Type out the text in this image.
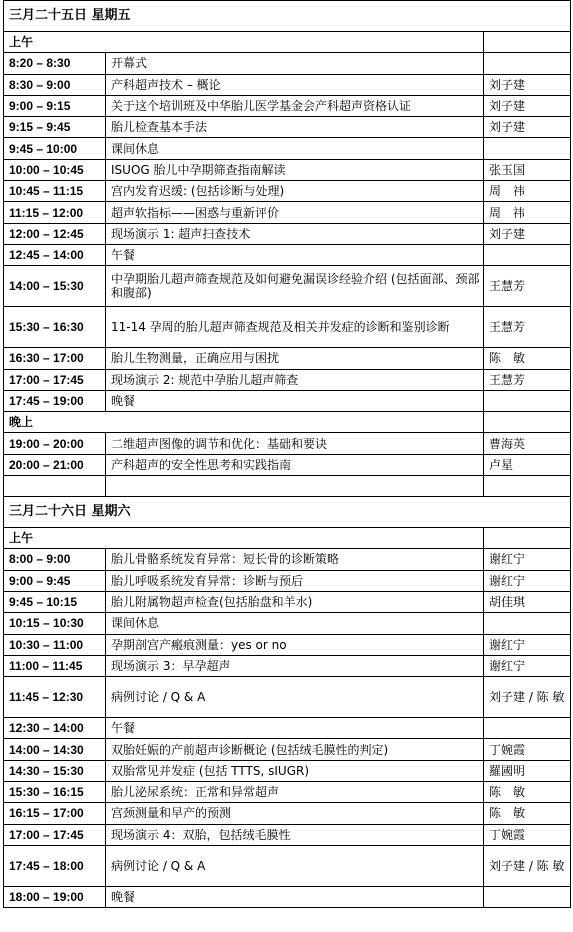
三月二十五日 星期五		
上午		
8:20 – 8:30	开幕式	
8:30 – 9:00	产科超声技术 – 概论	刘子建
9:00 – 9:15	关于这个培训班及中华胎儿医学基金会产科超声资格认证	刘子建
9:15 – 9:45	胎儿检查基本手法	刘子建
9:45 – 10:00	课间休息	
10:00 – 10:45	ISUOG 胎儿中孕期筛查指南解读	张玉国
10:45 – 11:15	宫内发育迟缓: (包括诊断与处理)	周　祎
11:15 – 12:00	超声软指标——困惑与重新评价	周　祎
12:00 – 12:45	现场演示 1: 超声扫查技术	刘子建
12:45 – 14:00	午餐	
14:00 – 15:30	中孕期胎儿超声筛查规范及如何避免漏误诊经验介绍 (包括面部、颈部和腹部)	王慧芳
15:30 – 16:30	11-14 孕周的胎儿超声筛查规范及相关并发症的诊断和鉴别诊断	王慧芳
16:30 – 17:00	胎儿生物测量，正确应用与困扰	陈　敏
17:00 – 17:45	现场演示 2: 规范中孕胎儿超声筛查	王慧芳
17:45 – 19:00	晚餐	
晚上		
19:00 – 20:00	二维超声图像的调节和优化：基础和要诀	曹海英
20:00 – 21:00	产科超声的安全性思考和实践指南	卢星

三月二十六日 星期六		
上午		
8:00 – 9:00	胎儿骨骼系统发育异常：短长骨的诊断策略	谢红宁
9:00 – 9:45	胎儿呼吸系统发育异常：诊断与预后	谢红宁
9:45 – 10:15	胎儿附属物超声检查(包括胎盘和羊水)	胡佳琪
10:15 – 10:30	课间休息	
10:30 – 11:00	孕期剖宫产瘢痕测量：yes or no	谢红宁
11:00 – 11:45	现场演示 3：早孕超声	谢红宁
11:45 – 12:30	病例讨论 / Q & A	刘子建 / 陈 敏
12:30 – 14:00	午餐	
14:00 – 14:30	双胎妊娠的产前超声诊断概论 (包括绒毛膜性的判定)	丁婉霞
14:30 – 15:30	双胎常见并发症 (包括 TTTS, sIUGR)	羅國明
15:30 – 16:15	胎儿泌尿系统：正常和异常超声	陈　敏
16:15 – 17:00	宫颈测量和早产的预测	陈　敏
17:00 – 17:45	现场演示 4：双胎，包括绒毛膜性	丁婉霞
17:45 – 18:00	病例讨论 / Q & A	刘子建 / 陈 敏
18:00 – 19:00	晚餐	
